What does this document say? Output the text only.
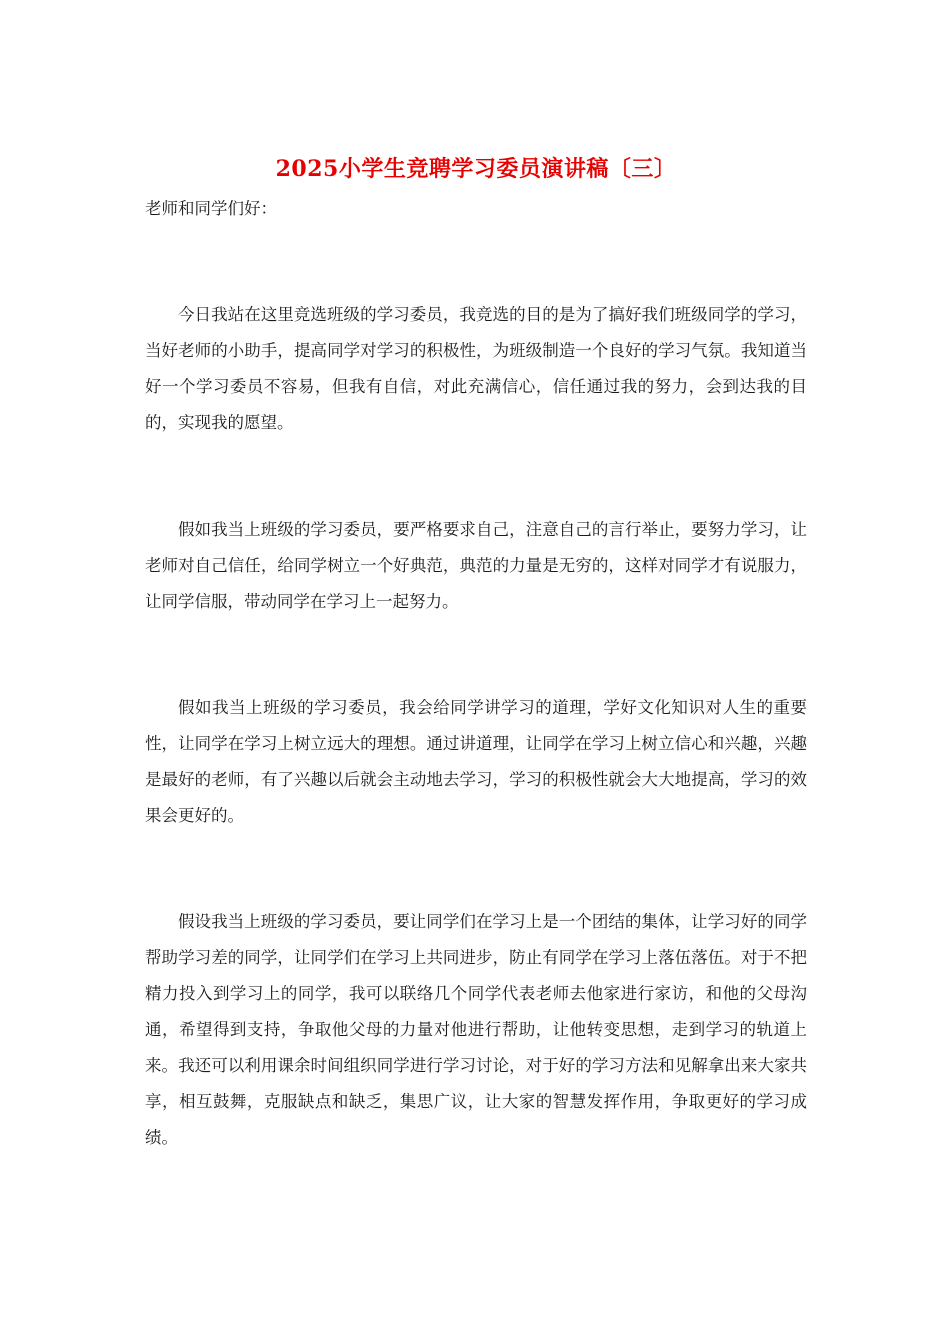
2025小学生竞聘学习委员演讲稿〔三〕
老师和同学们好：

今日我站在这里竞选班级的学习委员，我竞选的目的是为了搞好我们班级同学的学习，当好老师的小助手，提高同学对学习的积极性，为班级制造一个良好的学习气氛。我知道当好一个学习委员不容易，但我有自信，对此充满信心，信任通过我的努力，会到达我的目的，实现我的愿望。

假如我当上班级的学习委员，要严格要求自己，注意自己的言行举止，要努力学习，让老师对自己信任，给同学树立一个好典范，典范的力量是无穷的，这样对同学才有说服力，让同学信服，带动同学在学习上一起努力。

假如我当上班级的学习委员，我会给同学讲学习的道理，学好文化知识对人生的重要性，让同学在学习上树立远大的理想。通过讲道理，让同学在学习上树立信心和兴趣，兴趣是最好的老师，有了兴趣以后就会主动地去学习，学习的积极性就会大大地提高，学习的效果会更好的。

假设我当上班级的学习委员，要让同学们在学习上是一个团结的集体，让学习好的同学帮助学习差的同学，让同学们在学习上共同进步，防止有同学在学习上落伍落伍。对于不把精力投入到学习上的同学，我可以联络几个同学代表老师去他家进行家访，和他的父母沟通，希望得到支持，争取他父母的力量对他进行帮助，让他转变思想，走到学习的轨道上来。我还可以利用课余时间组织同学进行学习讨论，对于好的学习方法和见解拿出来大家共享，相互鼓舞，克服缺点和缺乏，集思广议，让大家的智慧发挥作用，争取更好的学习成绩。
